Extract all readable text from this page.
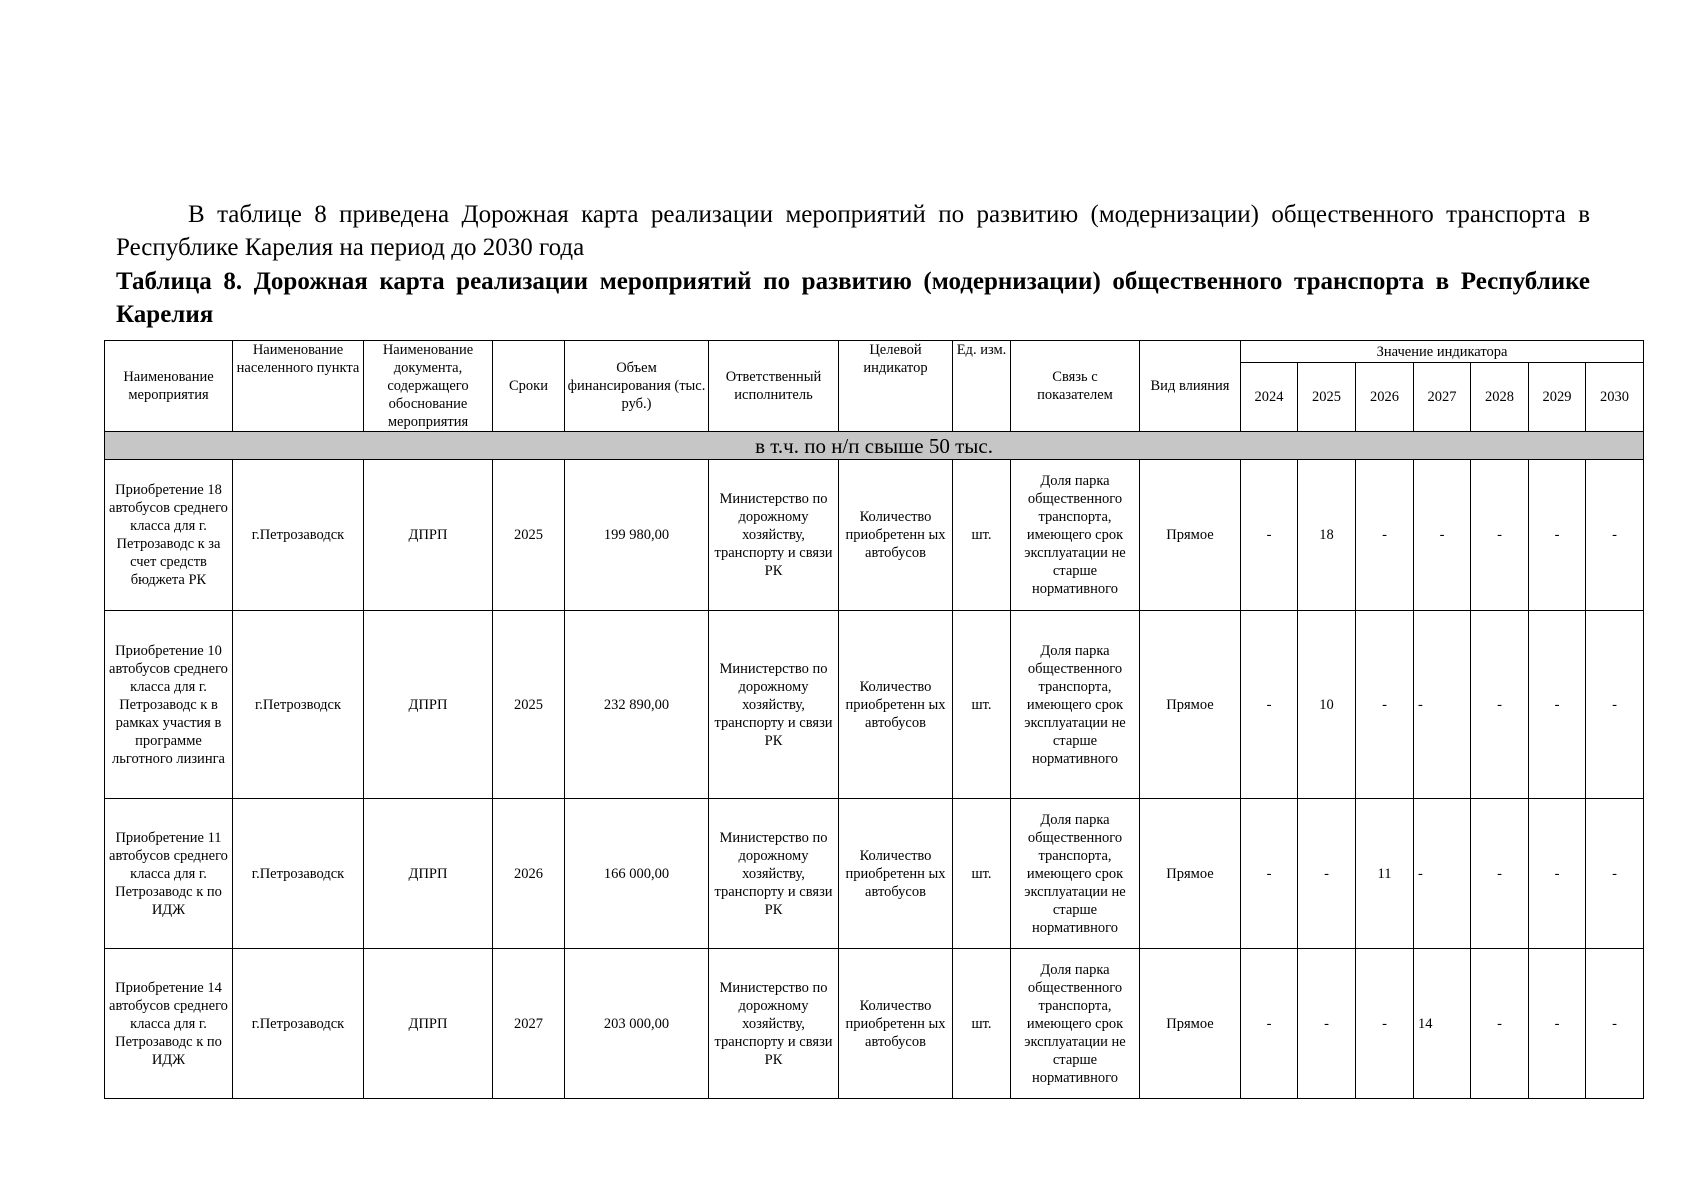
В таблице 8 приведена Дорожная карта реализации мероприятий по развитию (модернизации) общественного транспорта в Республике Карелия на период до 2030 года

Таблица 8. Дорожная карта реализации мероприятий по развитию (модернизации) общественного транспорта в Республике Карелия

Наименование мероприятия	Наименование населенного пункта	Наименование документа, содержащего обоснование мероприятия	Сроки	Объем финансирования (тыс. руб.)	Ответственный исполнитель	Целевой индикатор	Ед. изм.	Связь с показателем	Вид влияния	Значение индикатора						
										2024	2025	2026	2027	2028	2029	2030
в т.ч. по н/п свыше 50 тыс.																
Приобретение 18 автобусов среднего класса для г. Петрозаводс к за счет средств бюджета РК	г.Петрозаводск	ДПРП	2025	199 980,00	Министерство по дорожному хозяйству, транспорту и связи РК	Количество приобретенн ых автобусов	шт.	Доля парка общественного транспорта, имеющего срок эксплуатации не старше нормативного	Прямое	-	18	-	-	-	-	-
Приобретение 10 автобусов среднего класса для г. Петрозаводс к в рамках участия в программе льготного лизинга	г.Петрозводск	ДПРП	2025	232 890,00	Министерство по дорожному хозяйству, транспорту и связи РК	Количество приобретенн ых автобусов	шт.	Доля парка общественного транспорта, имеющего срок эксплуатации не старше нормативного	Прямое	-	10	-	-	-	-	-
Приобретение 11 автобусов среднего класса для г. Петрозаводс к по ИДЖ	г.Петрозаводск	ДПРП	2026	166 000,00	Министерство по дорожному хозяйству, транспорту и связи РК	Количество приобретенн ых автобусов	шт.	Доля парка общественного транспорта, имеющего срок эксплуатации не старше нормативного	Прямое	-	-	11	-	-	-	-
Приобретение 14 автобусов среднего класса для г. Петрозаводс к по ИДЖ	г.Петрозаводск	ДПРП	2027	203 000,00	Министерство по дорожному хозяйству, транспорту и связи РК	Количество приобретенн ых автобусов	шт.	Доля парка общественного транспорта, имеющего срок эксплуатации не старше нормативного	Прямое	-	-	-	14	-	-	-
